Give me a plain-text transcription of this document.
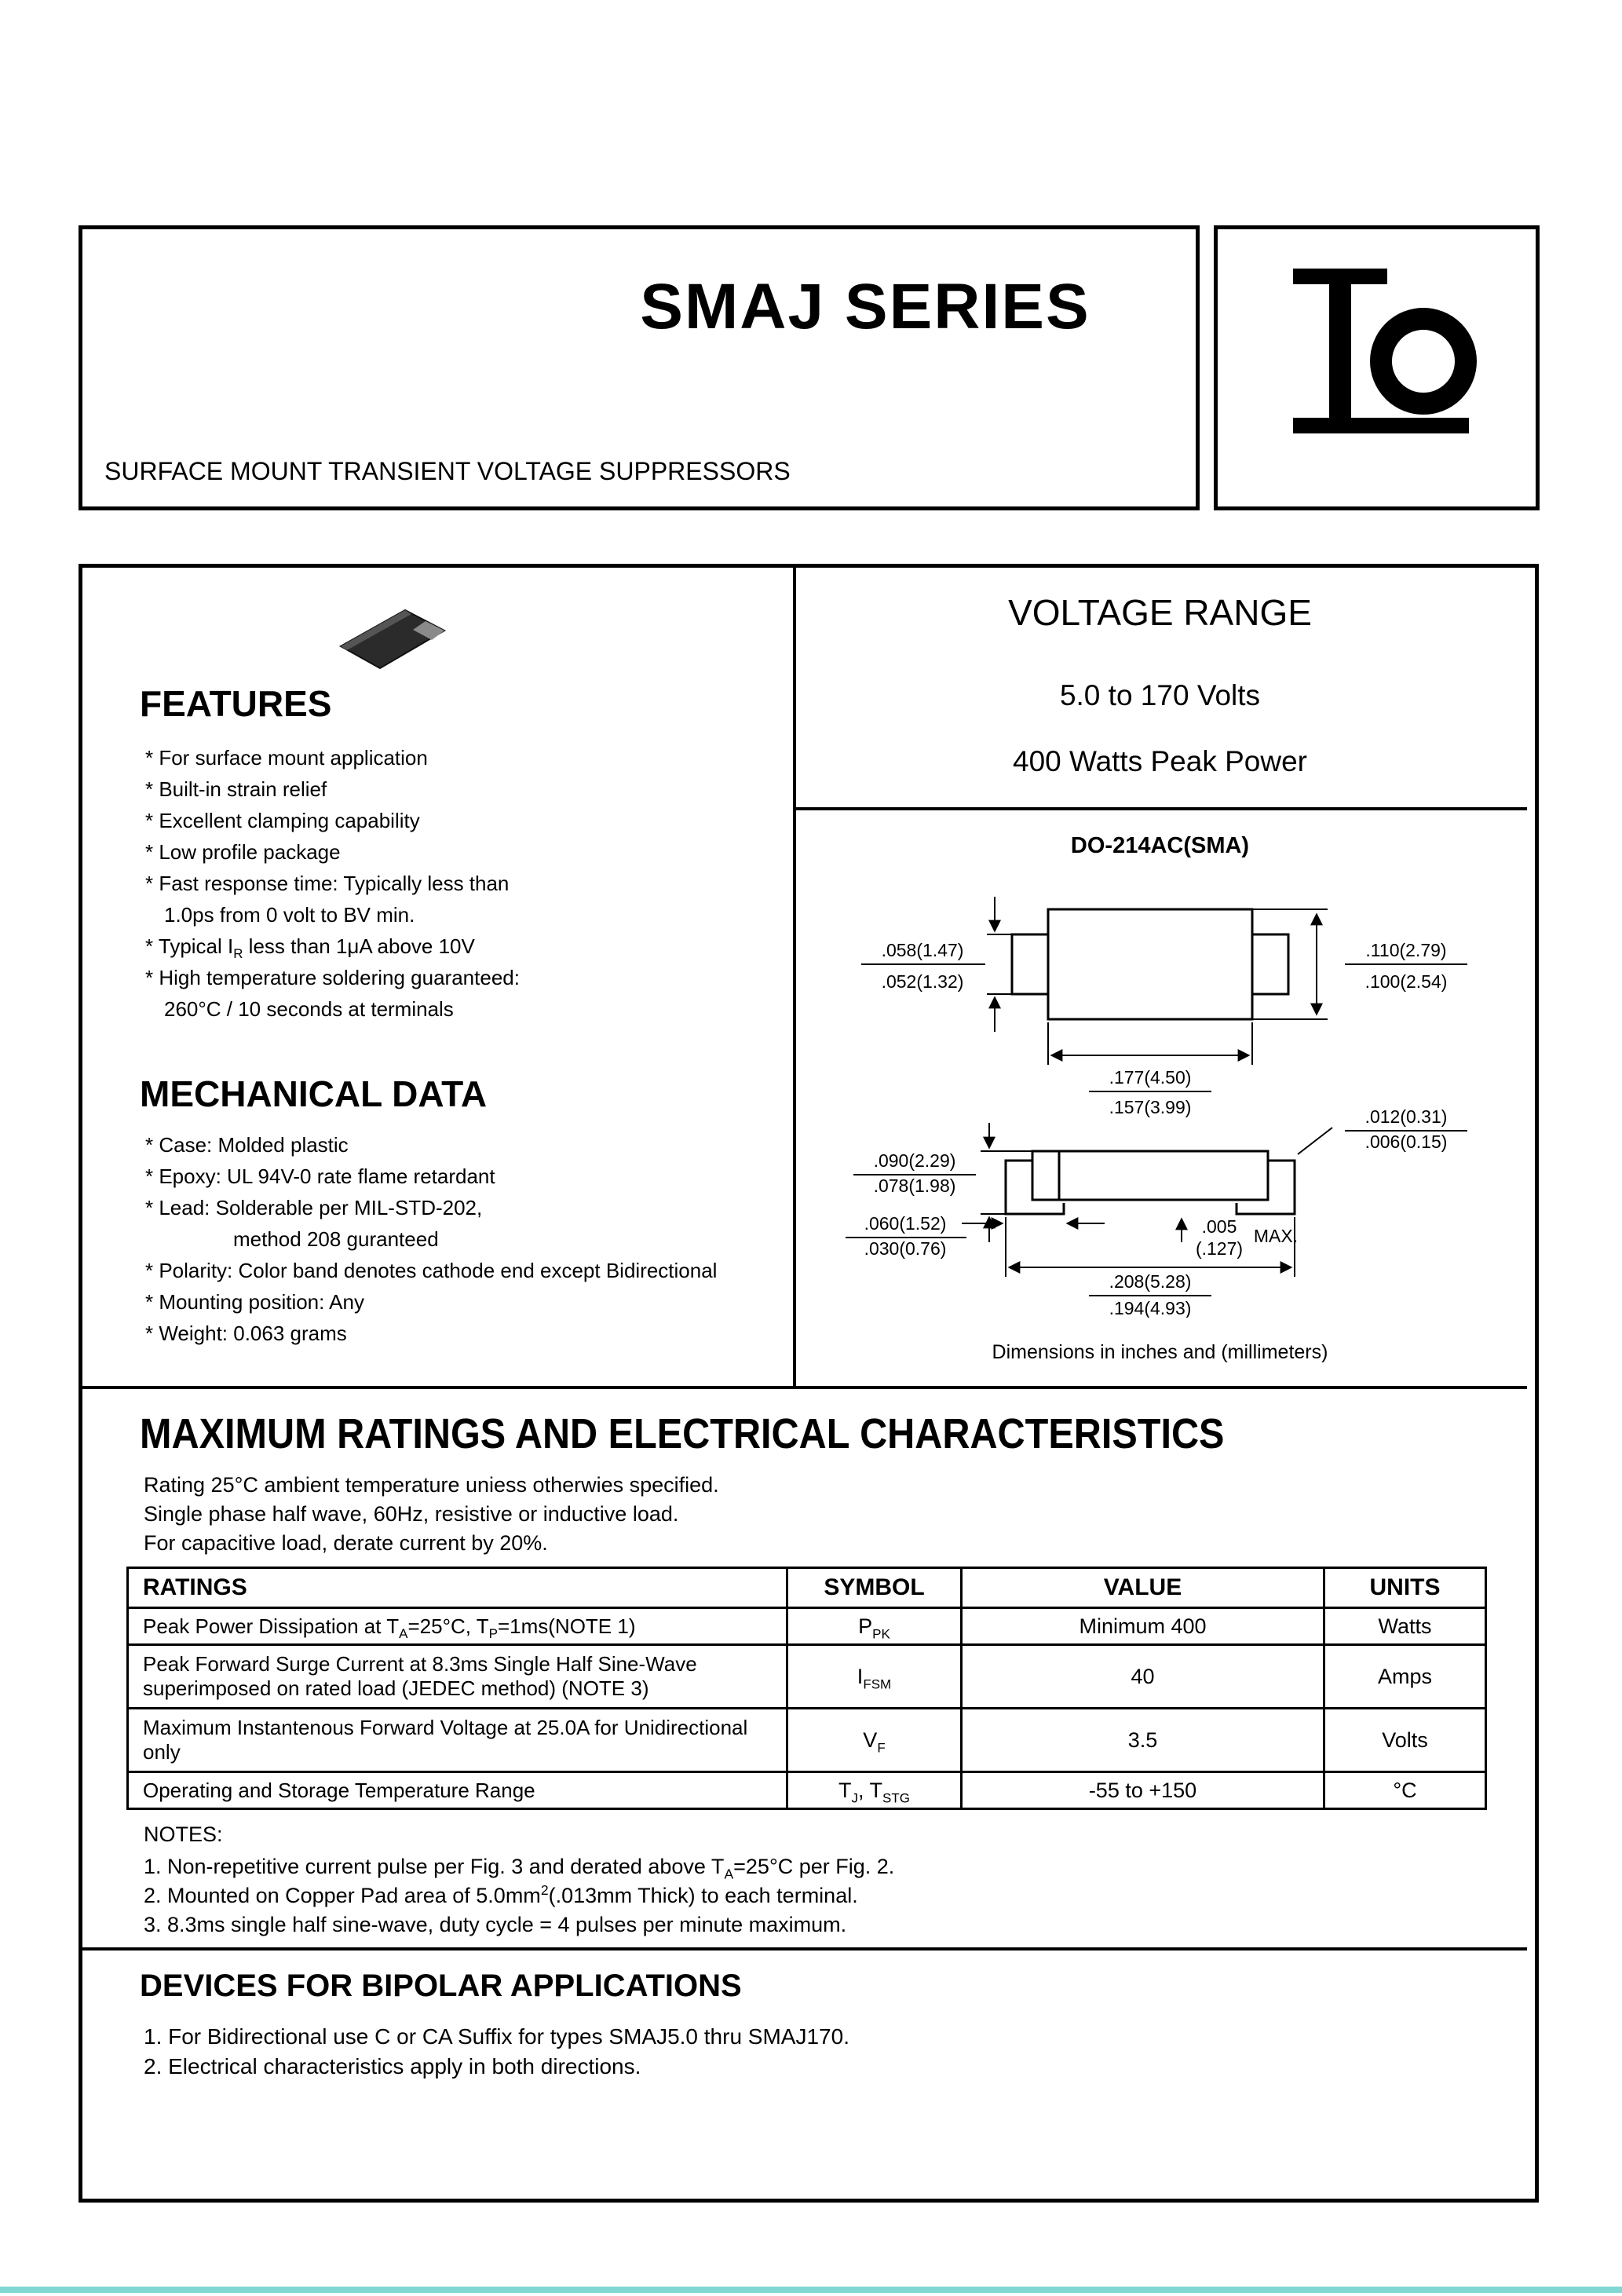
SMAJ SERIES
SURFACE MOUNT TRANSIENT VOLTAGE SUPPRESSORS
FEATURES
* For surface mount application
* Built-in strain relief
* Excellent clamping capability
* Low profile package
* Fast response time: Typically less than
1.0ps from 0 volt to BV min.
* Typical $I_R$ less than 1μA above 10V
* High temperature soldering guaranteed:
260°C / 10 seconds at terminals
MECHANICAL DATA
* Case: Molded plastic
* Epoxy: UL 94V-0 rate flame retardant
* Lead: Solderable per MIL-STD-202,
method 208 guranteed
* Polarity: Color band denotes cathode end except Bidirectional
* Mounting position: Any
* Weight: 0.063 grams
VOLTAGE RANGE
5.0 to 170 Volts
400 Watts Peak Power
DO-214AC(SMA)
.058(1.47)
.052(1.32)
.110(2.79)
.100(2.54)
.177(4.50)
.157(3.99)	.012(0.31)
.006(0.15)
.090(2.29)
.078(1.98)
.060(1.52)
.030(0.76)
.005
(.127)
MAX.
.208(5.28)
.194(4.93)
Dimensions in inches and (millimeters)
MAXIMUM RATINGS AND ELECTRICAL CHARACTERISTICS
Rating 25°C ambient temperature uniess otherwies specified.
Single phase half wave, 60Hz, resistive or inductive load.
For capacitive load, derate current by 20%.
RATINGS	SYMBOL	VALUE	UNITS
Peak Power Dissipation at $T_A=25^\circ C$, $T_P=1ms(NOTE$ 1)	$P_{PK}$	Minimum 400	Watts
Peak Forward Surge Current at 8.3ms Single Half Sine-Wave superimposed on rated load (JEDEC method) (NOTE 3)	$I_{FSM}$	40	Amps
Maximum Instantenous Forward Voltage at 25.0A for Unidirectional only	$V_F$	3.5	Volts
Operating and Storage Temperature Range	$T_J$, $T_{STG}$	-55 to +150	°C
NOTES:
1. Non-repetitive current pulse per Fig. 3 and derated above $T_A=25^\circ C$ per Fig. 2.
2. Mounted on Copper Pad area of $5.0mm^2(.013mm$ Thick) to each terminal.
3. 8.3ms single half sine-wave, duty cycle = 4 pulses per minute maximum.
DEVICES FOR BIPOLAR APPLICATIONS
1. For Bidirectional use C or CA Suffix for types SMAJ5.0 thru SMAJ170.
2. Electrical characteristics apply in both directions.
